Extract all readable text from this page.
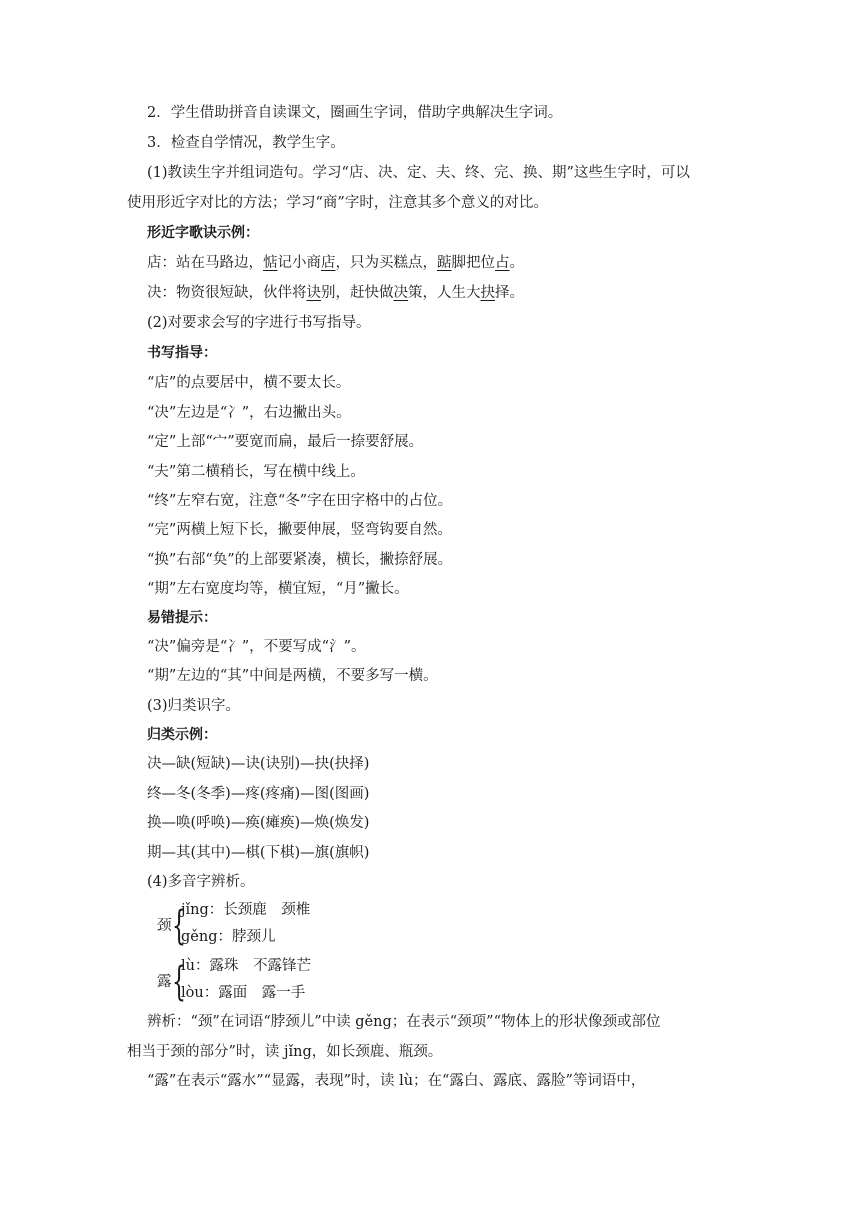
2．学生借助拼音自读课文，圈画生字词，借助字典解决生字词。
3．检查自学情况，教学生字。
(1)教读生字并组词造句。学习“店、决、定、夫、终、完、换、期”这些生字时，可以
使用形近字对比的方法；学习“商”字时，注意其多个意义的对比。
形近字歌诀示例：
店：站在马路边，惦记小商店，只为买糕点，踮脚把位占。
决：物资很短缺，伙伴将诀别，赶快做决策，人生大抉择。
(2)对要求会写的字进行书写指导。
书写指导：
“店”的点要居中，横不要太长。
“决”左边是“冫”，右边撇出头。
“定”上部“宀”要宽而扁，最后一捺要舒展。
“夫”第二横稍长，写在横中线上。
“终”左窄右宽，注意“冬”字在田字格中的占位。
“完”两横上短下长，撇要伸展，竖弯钩要自然。
“换”右部“奂”的上部要紧凑，横长，撇捺舒展。
“期”左右宽度均等，横宜短，“月”撇长。
易错提示：
“决”偏旁是“冫”，不要写成“氵”。
“期”左边的“其”中间是两横，不要多写一横。
(3)归类识字。
归类示例：
决—缺(短缺)—诀(诀别)—抉(抉择)
终—冬(冬季)—疼(疼痛)—图(图画)
换—唤(呼唤)—痪(瘫痪)—焕(焕发)
期—其(其中)—棋(下棋)—旗(旗帜)
(4)多音字辨析。
颈 {
jǐng：长颈鹿　颈椎
gěng：脖颈儿
露 {
lù：露珠　不露锋芒
lòu：露面　露一手
辨析：“颈”在词语“脖颈儿”中读 gěng；在表示“颈项”“物体上的形状像颈或部位
相当于颈的部分”时，读 jǐng，如长颈鹿、瓶颈。
“露”在表示“露水”“显露，表现”时，读 lù；在“露白、露底、露脸”等词语中，
